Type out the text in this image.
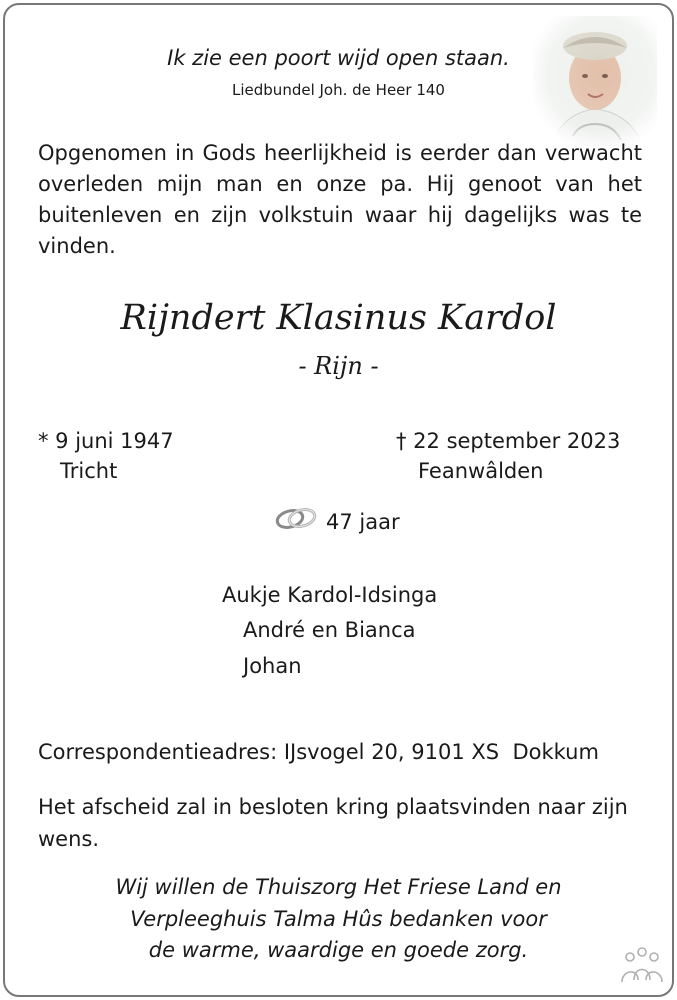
Ik zie een poort wijd open staan.

Liedbundel Joh. de Heer 140

Opgenomen in Gods heerlijkheid is eerder dan verwacht overleden mijn man en onze pa. Hij genoot van het buitenleven en zijn volkstuin waar hij dagelijks was te vinden.

Rijndert Klasinus Kardol

- Rijn -

* 9 juni 1947

Tricht

† 22 september 2023

Feanwâlden

47 jaar

Aukje Kardol-Idsinga

André en Bianca

Johan

Correspondentieadres: IJsvogel 20, 9101 XS  Dokkum

Het afscheid zal in besloten kring plaatsvinden naar zijn wens.

Wij willen de Thuiszorg Het Friese Land en

Verpleeghuis Talma Hûs bedanken voor

de warme, waardige en goede zorg.
